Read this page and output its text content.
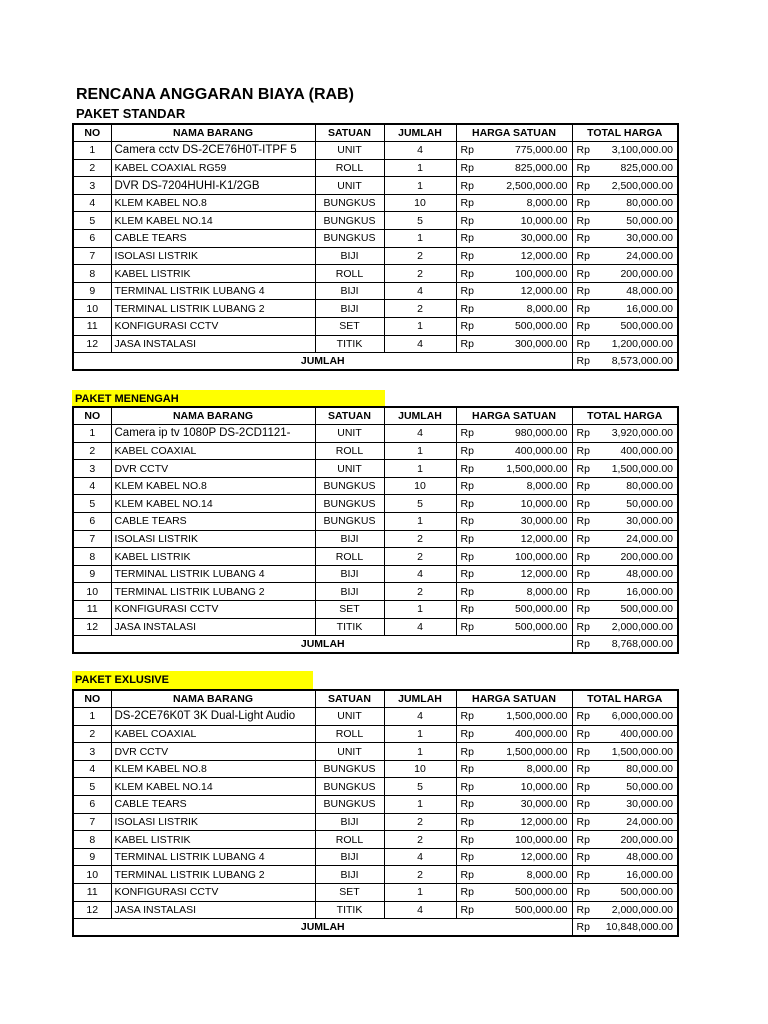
RENCANA ANGGARAN BIAYA (RAB)
PAKET STANDAR
PAKET MENENGAH
PAKET EXLUSIVE
NO	NAMA BARANG	SATUAN	JUMLAH	HARGA SATUAN	TOTAL HARGA
1	Camera cctv DS-2CE76H0T-ITPF 5	UNIT	4	Rp 775,000.00	Rp 3,100,000.00

2	KABEL COAXIAL RG59	ROLL	1	Rp 825,000.00	Rp 825,000.00

3	DVR DS-7204HUHI-K1/2GB	UNIT	1	Rp 2,500,000.00	Rp 2,500,000.00

4	KLEM KABEL NO.8	BUNGKUS	10	Rp 8,000.00	Rp 80,000.00

5	KLEM KABEL NO.14	BUNGKUS	5	Rp 10,000.00	Rp 50,000.00

6	CABLE TEARS	BUNGKUS	1	Rp 30,000.00	Rp 30,000.00

7	ISOLASI LISTRIK	BIJI	2	Rp 12,000.00	Rp 24,000.00

8	KABEL LISTRIK	ROLL	2	Rp 100,000.00	Rp 200,000.00

9	TERMINAL LISTRIK LUBANG 4	BIJI	4	Rp 12,000.00	Rp 48,000.00

10	TERMINAL LISTRIK LUBANG 2	BIJI	2	Rp 8,000.00	Rp 16,000.00

11	KONFIGURASI CCTV	SET	1	Rp 500,000.00	Rp 500,000.00

12	JASA INSTALASI	TITIK	4	Rp 300,000.00	Rp 1,200,000.00

JUMLAH					Rp 8,573,000.00
NO	NAMA BARANG	SATUAN	JUMLAH	HARGA SATUAN	TOTAL HARGA
1	Camera ip tv 1080P DS-2CD1121-	UNIT	4	Rp 980,000.00	Rp 3,920,000.00

2	KABEL COAXIAL	ROLL	1	Rp 400,000.00	Rp 400,000.00

3	DVR CCTV	UNIT	1	Rp 1,500,000.00	Rp 1,500,000.00

4	KLEM KABEL NO.8	BUNGKUS	10	Rp 8,000.00	Rp 80,000.00

5	KLEM KABEL NO.14	BUNGKUS	5	Rp 10,000.00	Rp 50,000.00

6	CABLE TEARS	BUNGKUS	1	Rp 30,000.00	Rp 30,000.00

7	ISOLASI LISTRIK	BIJI	2	Rp 12,000.00	Rp 24,000.00

8	KABEL LISTRIK	ROLL	2	Rp 100,000.00	Rp 200,000.00

9	TERMINAL LISTRIK LUBANG 4	BIJI	4	Rp 12,000.00	Rp 48,000.00

10	TERMINAL LISTRIK LUBANG 2	BIJI	2	Rp 8,000.00	Rp 16,000.00

11	KONFIGURASI CCTV	SET	1	Rp 500,000.00	Rp 500,000.00

12	JASA INSTALASI	TITIK	4	Rp 500,000.00	Rp 2,000,000.00

JUMLAH					Rp 8,768,000.00
NO	NAMA BARANG	SATUAN	JUMLAH	HARGA SATUAN	TOTAL HARGA
1	DS-2CE76K0T 3K Dual-Light Audio	UNIT	4	Rp 1,500,000.00	Rp 6,000,000.00

2	KABEL COAXIAL	ROLL	1	Rp 400,000.00	Rp 400,000.00

3	DVR CCTV	UNIT	1	Rp 1,500,000.00	Rp 1,500,000.00

4	KLEM KABEL NO.8	BUNGKUS	10	Rp 8,000.00	Rp 80,000.00

5	KLEM KABEL NO.14	BUNGKUS	5	Rp 10,000.00	Rp 50,000.00

6	CABLE TEARS	BUNGKUS	1	Rp 30,000.00	Rp 30,000.00

7	ISOLASI LISTRIK	BIJI	2	Rp 12,000.00	Rp 24,000.00

8	KABEL LISTRIK	ROLL	2	Rp 100,000.00	Rp 200,000.00

9	TERMINAL LISTRIK LUBANG 4	BIJI	4	Rp 12,000.00	Rp 48,000.00

10	TERMINAL LISTRIK LUBANG 2	BIJI	2	Rp 8,000.00	Rp 16,000.00

11	KONFIGURASI CCTV	SET	1	Rp 500,000.00	Rp 500,000.00

12	JASA INSTALASI	TITIK	4	Rp 500,000.00	Rp 2,000,000.00

JUMLAH					Rp 10,848,000.00
